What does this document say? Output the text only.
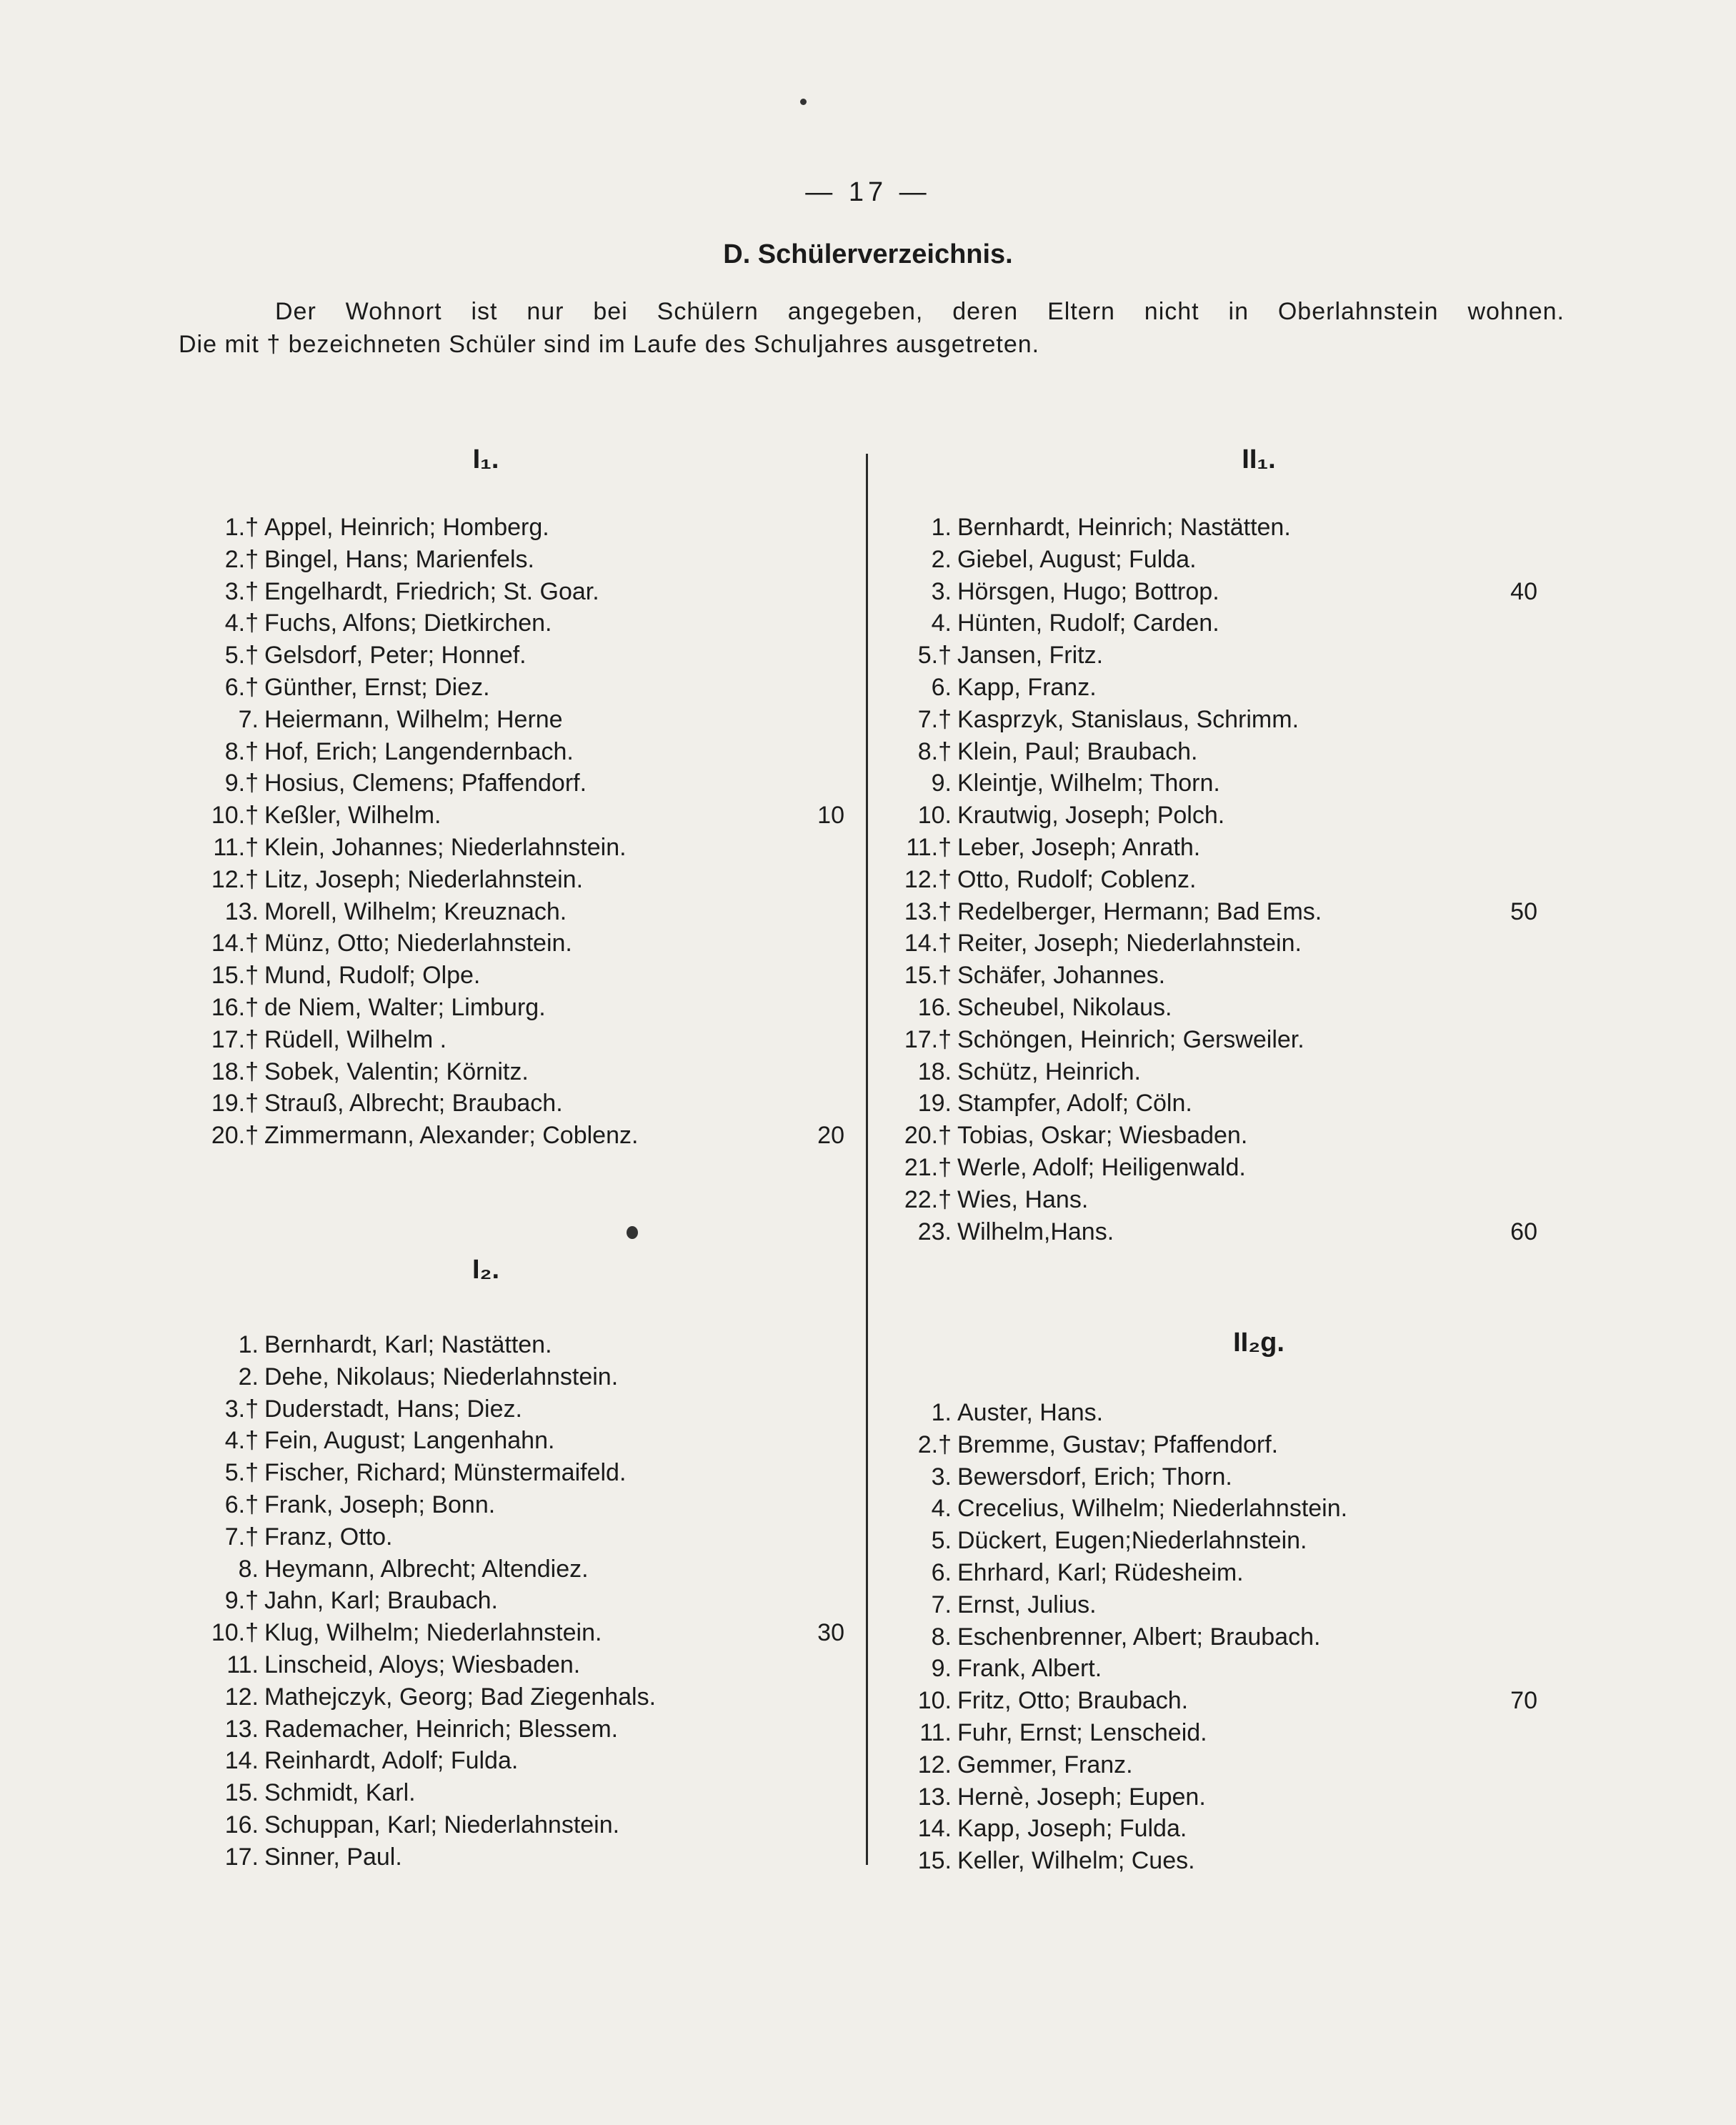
— 17 —
D. Schülerverzeichnis.
Der Wohnort ist nur bei Schülern angegeben, deren Eltern nicht in Oberlahnstein wohnen.
Die mit † bezeichneten Schüler sind im Laufe des Schuljahres ausgetreten.
I₁.
1.† Appel, Heinrich; Homberg.
2.† Bingel, Hans; Marienfels.
3.† Engelhardt, Friedrich; St. Goar.
4.† Fuchs, Alfons; Dietkirchen.
5.† Gelsdorf, Peter; Honnef.
6.† Günther, Ernst; Diez.
7. Heiermann, Wilhelm; Herne
8.† Hof, Erich; Langendernbach.
9.† Hosius, Clemens; Pfaffendorf.
10.† Keßler, Wilhelm.	10
11.† Klein, Johannes; Niederlahnstein.
12.† Litz, Joseph; Niederlahnstein.
13. Morell, Wilhelm; Kreuznach.
14.† Münz, Otto; Niederlahnstein.
15.† Mund, Rudolf; Olpe.
16.† de Niem, Walter; Limburg.
17.† Rüdell, Wilhelm .
18.† Sobek, Valentin; Körnitz.
19.† Strauß, Albrecht; Braubach.
20.† Zimmermann, Alexander; Coblenz.	20
I₂.
1. Bernhardt, Karl; Nastätten.
2. Dehe, Nikolaus; Niederlahnstein.
3.† Duderstadt, Hans; Diez.
4.† Fein, August; Langenhahn.
5.† Fischer, Richard; Münstermaifeld.
6.† Frank, Joseph; Bonn.
7.† Franz, Otto.
8. Heymann, Albrecht; Altendiez.
9.† Jahn, Karl; Braubach.
10.† Klug, Wilhelm; Niederlahnstein.	30
11. Linscheid, Aloys; Wiesbaden.
12. Mathejczyk, Georg; Bad Ziegenhals.
13. Rademacher, Heinrich; Blessem.
14. Reinhardt, Adolf; Fulda.
15. Schmidt, Karl.
16. Schuppan, Karl; Niederlahnstein.
17. Sinner, Paul.
II₁.
1. Bernhardt, Heinrich; Nastätten.
2. Giebel, August; Fulda.
3. Hörsgen, Hugo; Bottrop.	40
4. Hünten, Rudolf; Carden.
5.† Jansen, Fritz.
6. Kapp, Franz.
7.† Kasprzyk, Stanislaus, Schrimm.
8.† Klein, Paul; Braubach.
9. Kleintje, Wilhelm; Thorn.
10. Krautwig, Joseph; Polch.
11.† Leber, Joseph; Anrath.
12.† Otto, Rudolf; Coblenz.
13.† Redelberger, Hermann; Bad Ems.	50
14.† Reiter, Joseph; Niederlahnstein.
15.† Schäfer, Johannes.
16. Scheubel, Nikolaus.
17.† Schöngen, Heinrich; Gersweiler.
18. Schütz, Heinrich.
19. Stampfer, Adolf; Cöln.
20.† Tobias, Oskar; Wiesbaden.
21.† Werle, Adolf; Heiligenwald.
22.† Wies, Hans.
23. Wilhelm,Hans.	60
II₂g.
1. Auster, Hans.
2.† Bremme, Gustav; Pfaffendorf.
3. Bewersdorf, Erich; Thorn.
4. Crecelius, Wilhelm; Niederlahnstein.
5. Dückert, Eugen;Niederlahnstein.
6. Ehrhard, Karl; Rüdesheim.
7. Ernst, Julius.
8. Eschenbrenner, Albert; Braubach.
9. Frank, Albert.
10. Fritz, Otto; Braubach.	70
11. Fuhr, Ernst; Lenscheid.
12. Gemmer, Franz.
13. Hernè, Joseph; Eupen.
14. Kapp, Joseph; Fulda.
15. Keller, Wilhelm; Cues.
